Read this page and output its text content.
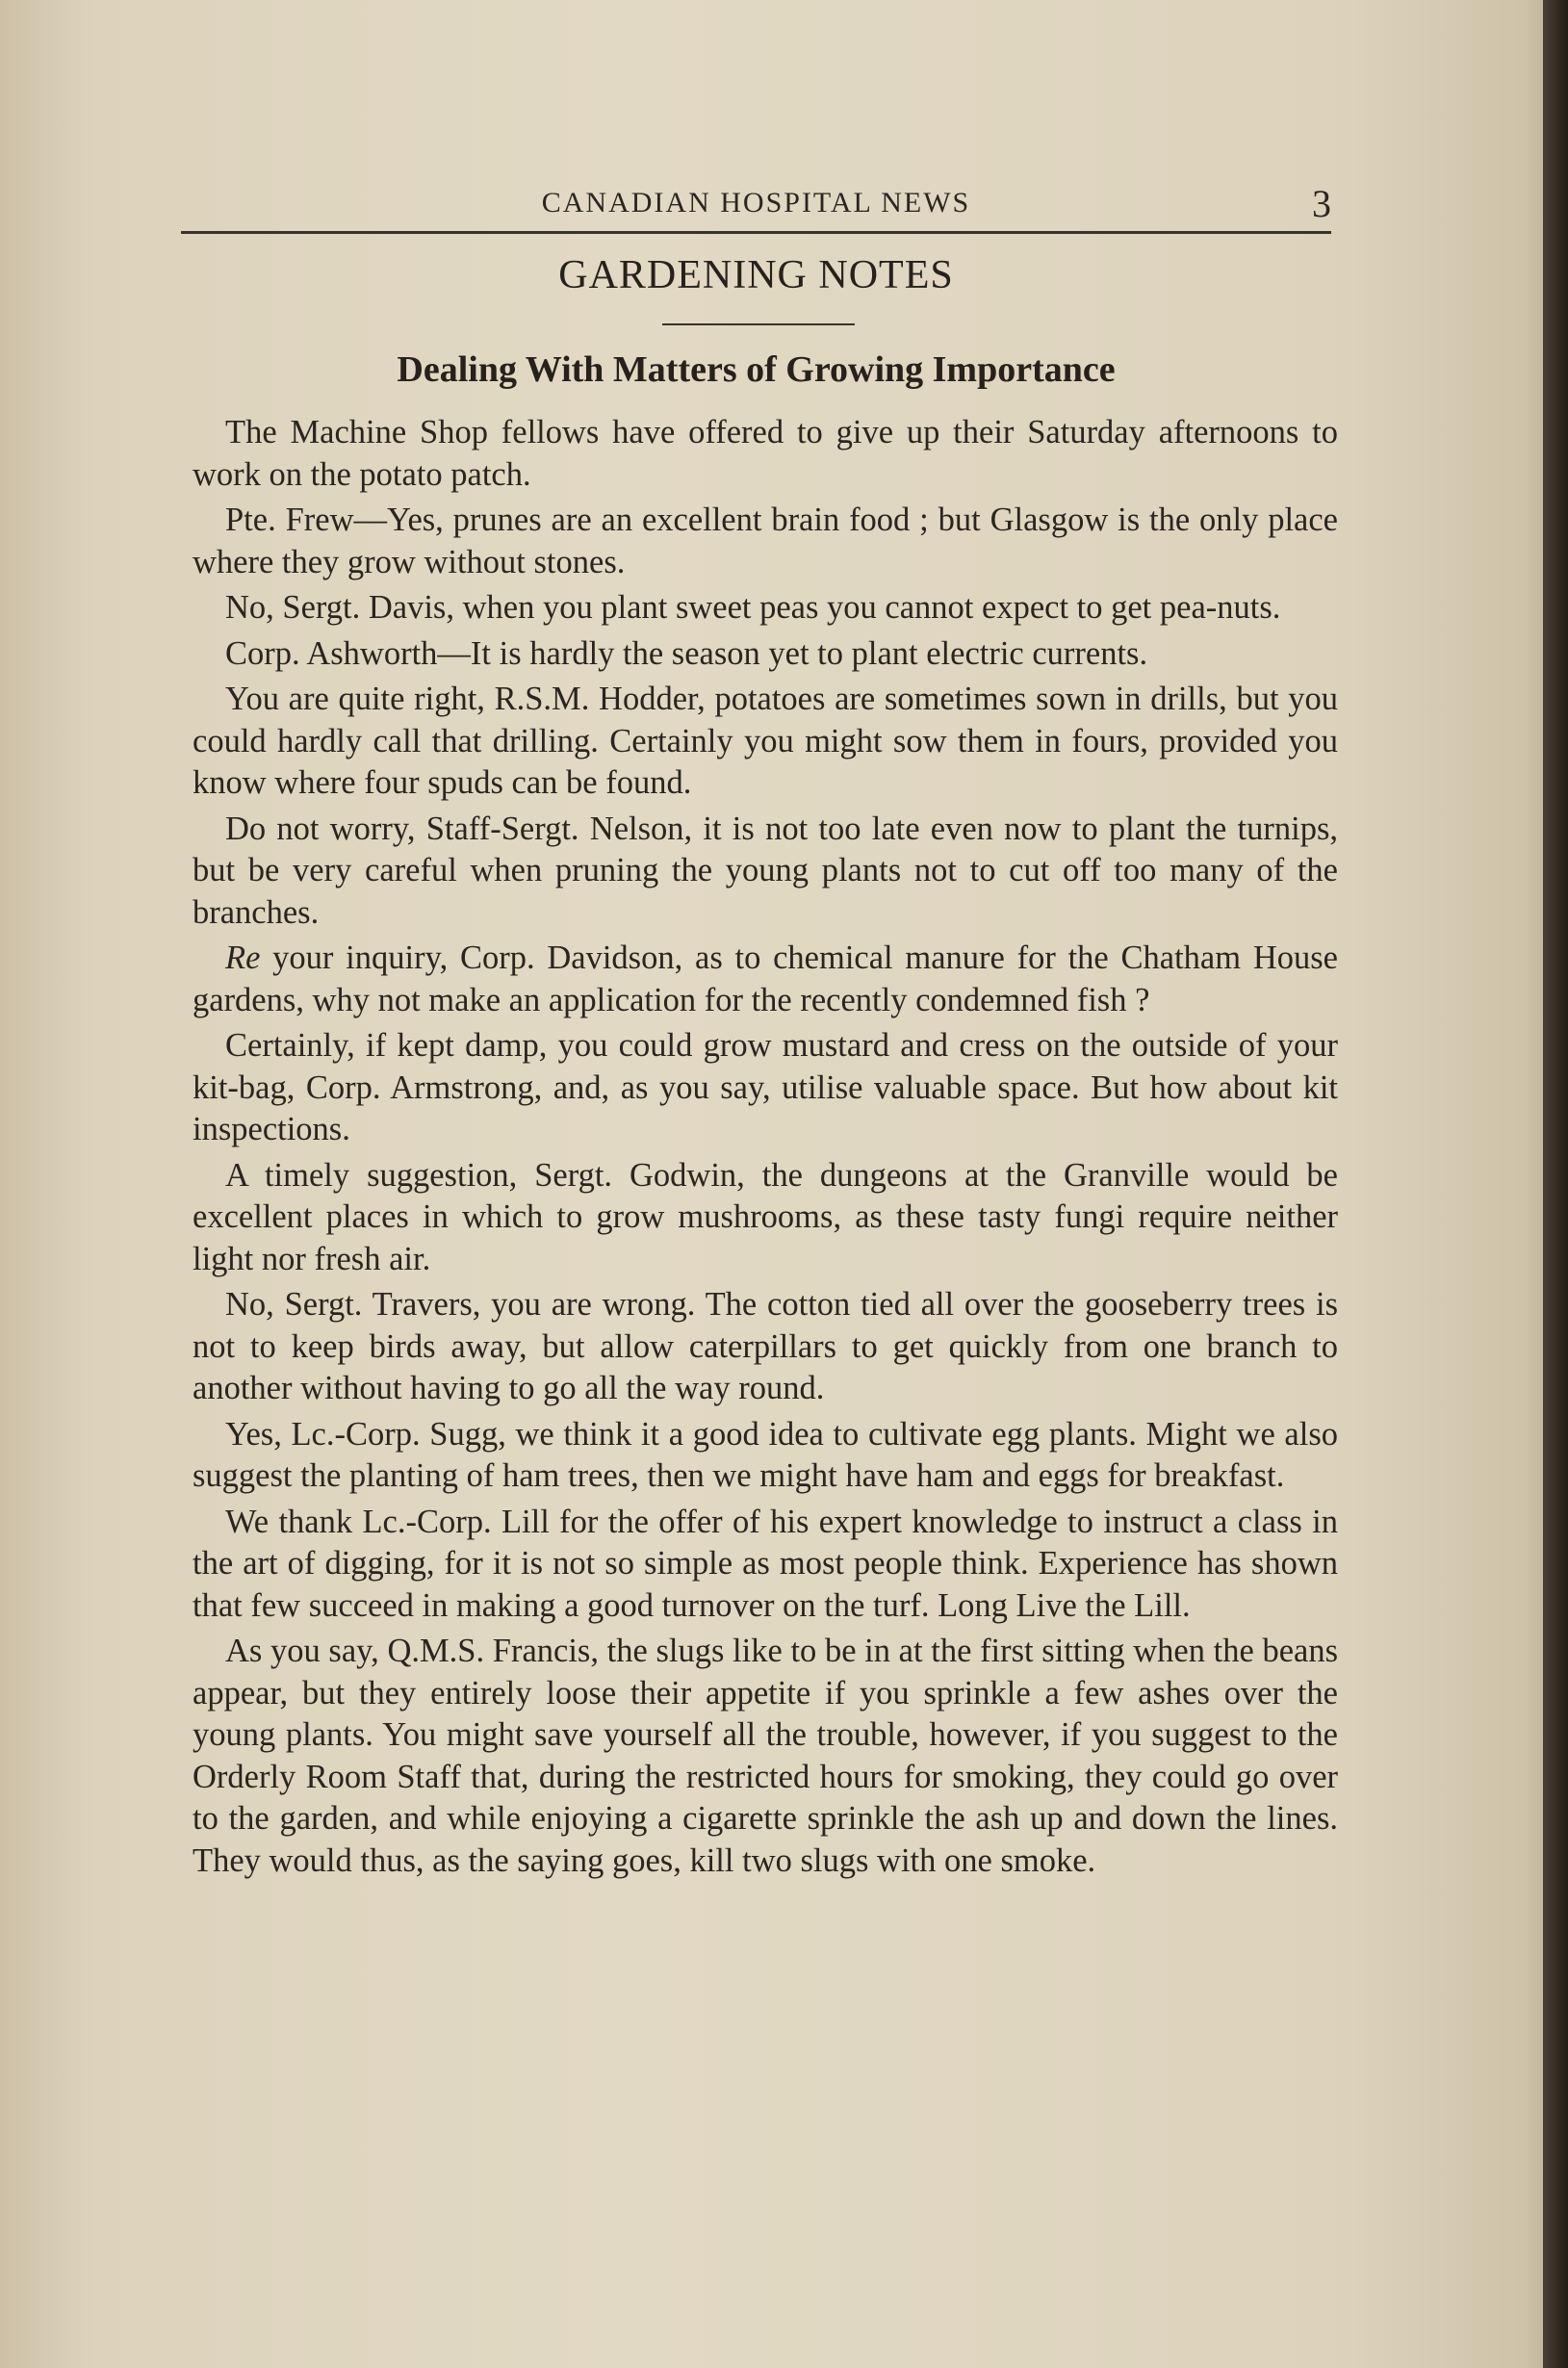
CANADIAN HOSPITAL NEWS	3
GARDENING NOTES
Dealing With Matters of Growing Importance

The Machine Shop fellows have offered to give up their Saturday afternoons to work on the potato patch.

Pte. Frew—Yes, prunes are an excellent brain food ; but Glasgow is the only place where they grow without stones.

No, Sergt. Davis, when you plant sweet peas you cannot expect to get pea-nuts.

Corp. Ashworth—It is hardly the season yet to plant electric currents.

You are quite right, R.S.M. Hodder, potatoes are sometimes sown in drills, but you could hardly call that drilling. Certainly you might sow them in fours, provided you know where four spuds can be found.

Do not worry, Staff-Sergt. Nelson, it is not too late even now to plant the turnips, but be very careful when pruning the young plants not to cut off too many of the branches.

Re your inquiry, Corp. Davidson, as to chemical manure for the Chatham House gardens, why not make an application for the recently condemned fish ?

Certainly, if kept damp, you could grow mustard and cress on the outside of your kit-bag, Corp. Armstrong, and, as you say, utilise valuable space. But how about kit inspections.

A timely suggestion, Sergt. Godwin, the dungeons at the Granville would be excellent places in which to grow mushrooms, as these tasty fungi require neither light nor fresh air.

No, Sergt. Travers, you are wrong. The cotton tied all over the gooseberry trees is not to keep birds away, but allow caterpillars to get quickly from one branch to another without having to go all the way round.

Yes, Lc.-Corp. Sugg, we think it a good idea to cultivate egg plants. Might we also suggest the planting of ham trees, then we might have ham and eggs for breakfast.

We thank Lc.-Corp. Lill for the offer of his expert knowledge to instruct a class in the art of digging, for it is not so simple as most people think. Experience has shown that few succeed in making a good turnover on the turf. Long Live the Lill.

As you say, Q.M.S. Francis, the slugs like to be in at the first sitting when the beans appear, but they entirely loose their appetite if you sprinkle a few ashes over the young plants. You might save yourself all the trouble, however, if you suggest to the Orderly Room Staff that, during the restricted hours for smoking, they could go over to the garden, and while enjoying a cigarette sprinkle the ash up and down the lines. They would thus, as the saying goes, kill two slugs with one smoke.
